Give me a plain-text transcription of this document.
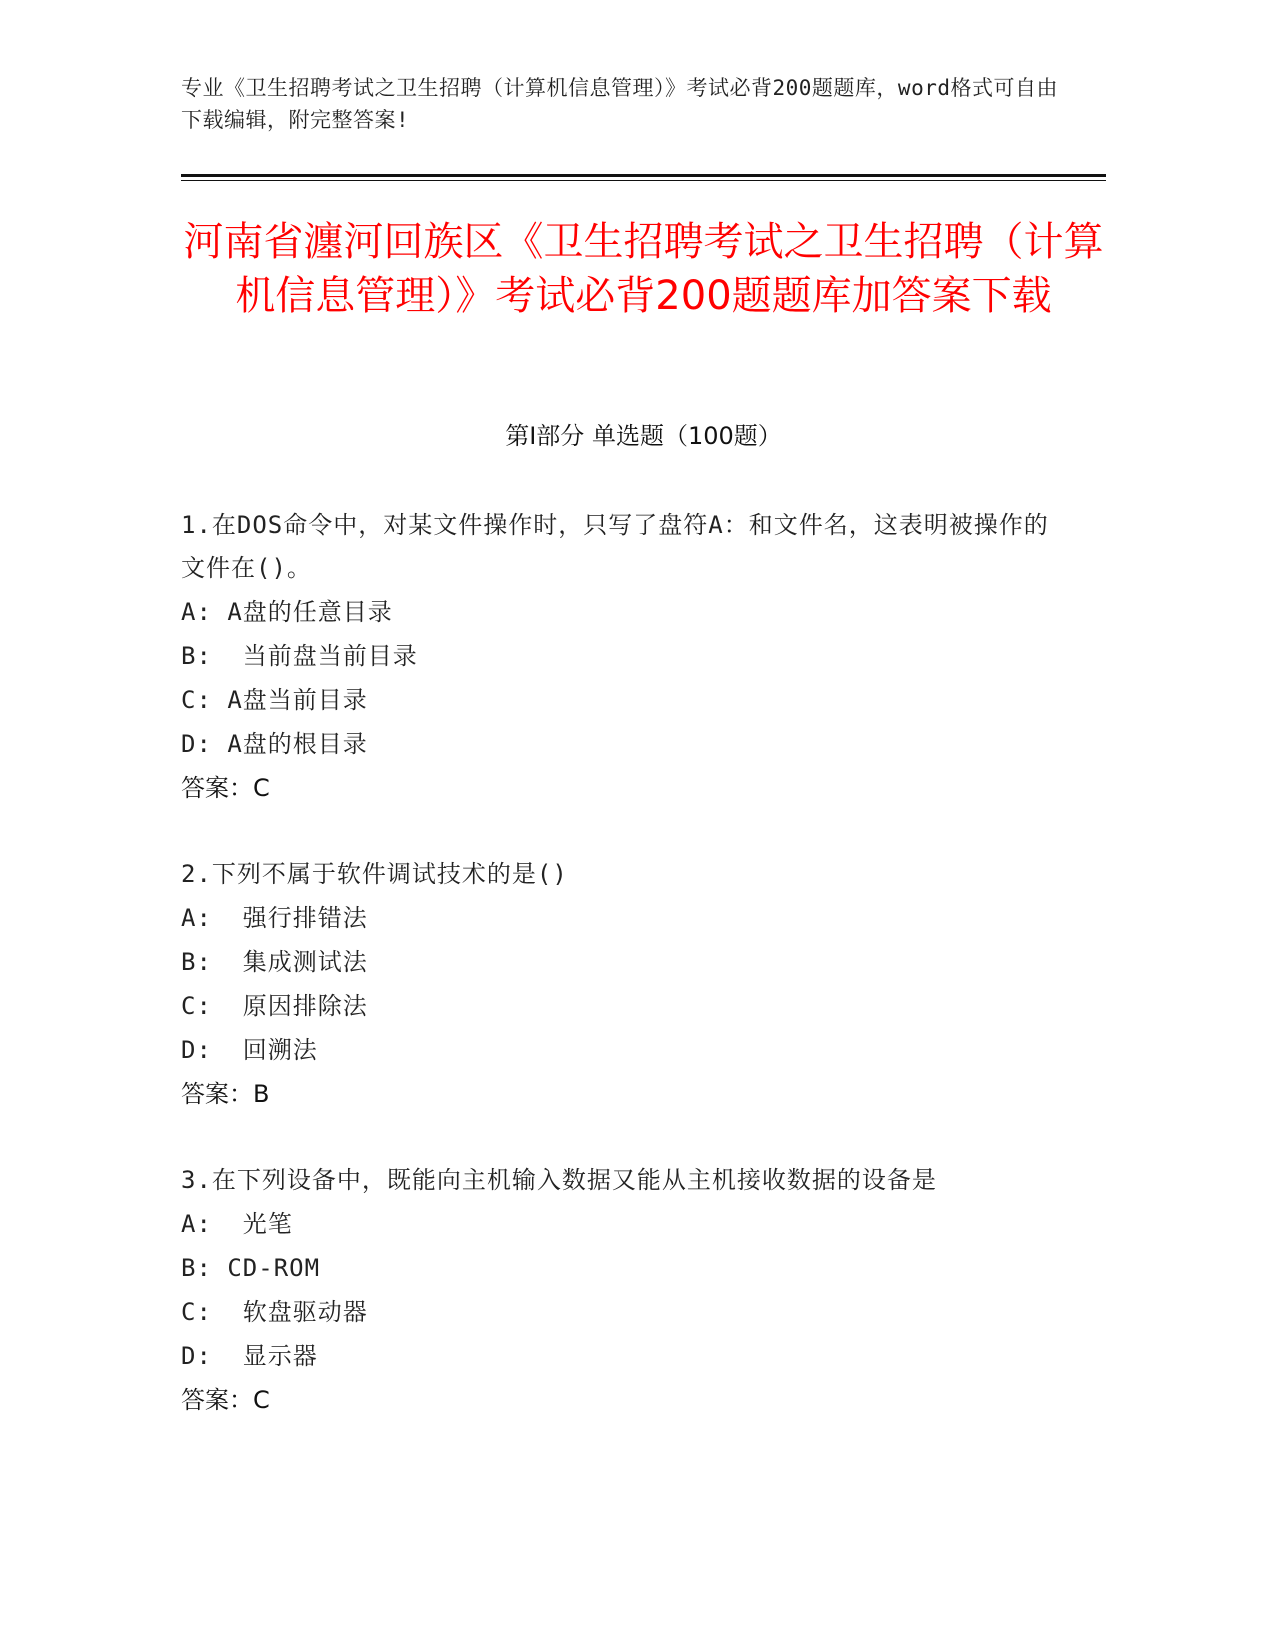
专业《卫生招聘考试之卫生招聘（计算机信息管理）》考试必背200题题库，word格式可自由下载编辑，附完整答案!
河南省瀍河回族区《卫生招聘考试之卫生招聘（计算机信息管理）》考试必背200题题库加答案下载
第Ⅰ部分 单选题（100题）

1.在DOS命令中，对某文件操作时，只写了盘符A：和文件名，这表明被操作的文件在()。

A: A盘的任意目录

B:  当前盘当前目录

C: A盘当前目录

D: A盘的根目录

答案：C

2.下列不属于软件调试技术的是()

A:  强行排错法

B:  集成测试法

C:  原因排除法

D:  回溯法

答案：B

3.在下列设备中，既能向主机输入数据又能从主机接收数据的设备是

A:  光笔

B: CD-ROM

C:  软盘驱动器

D:  显示器

答案：C
